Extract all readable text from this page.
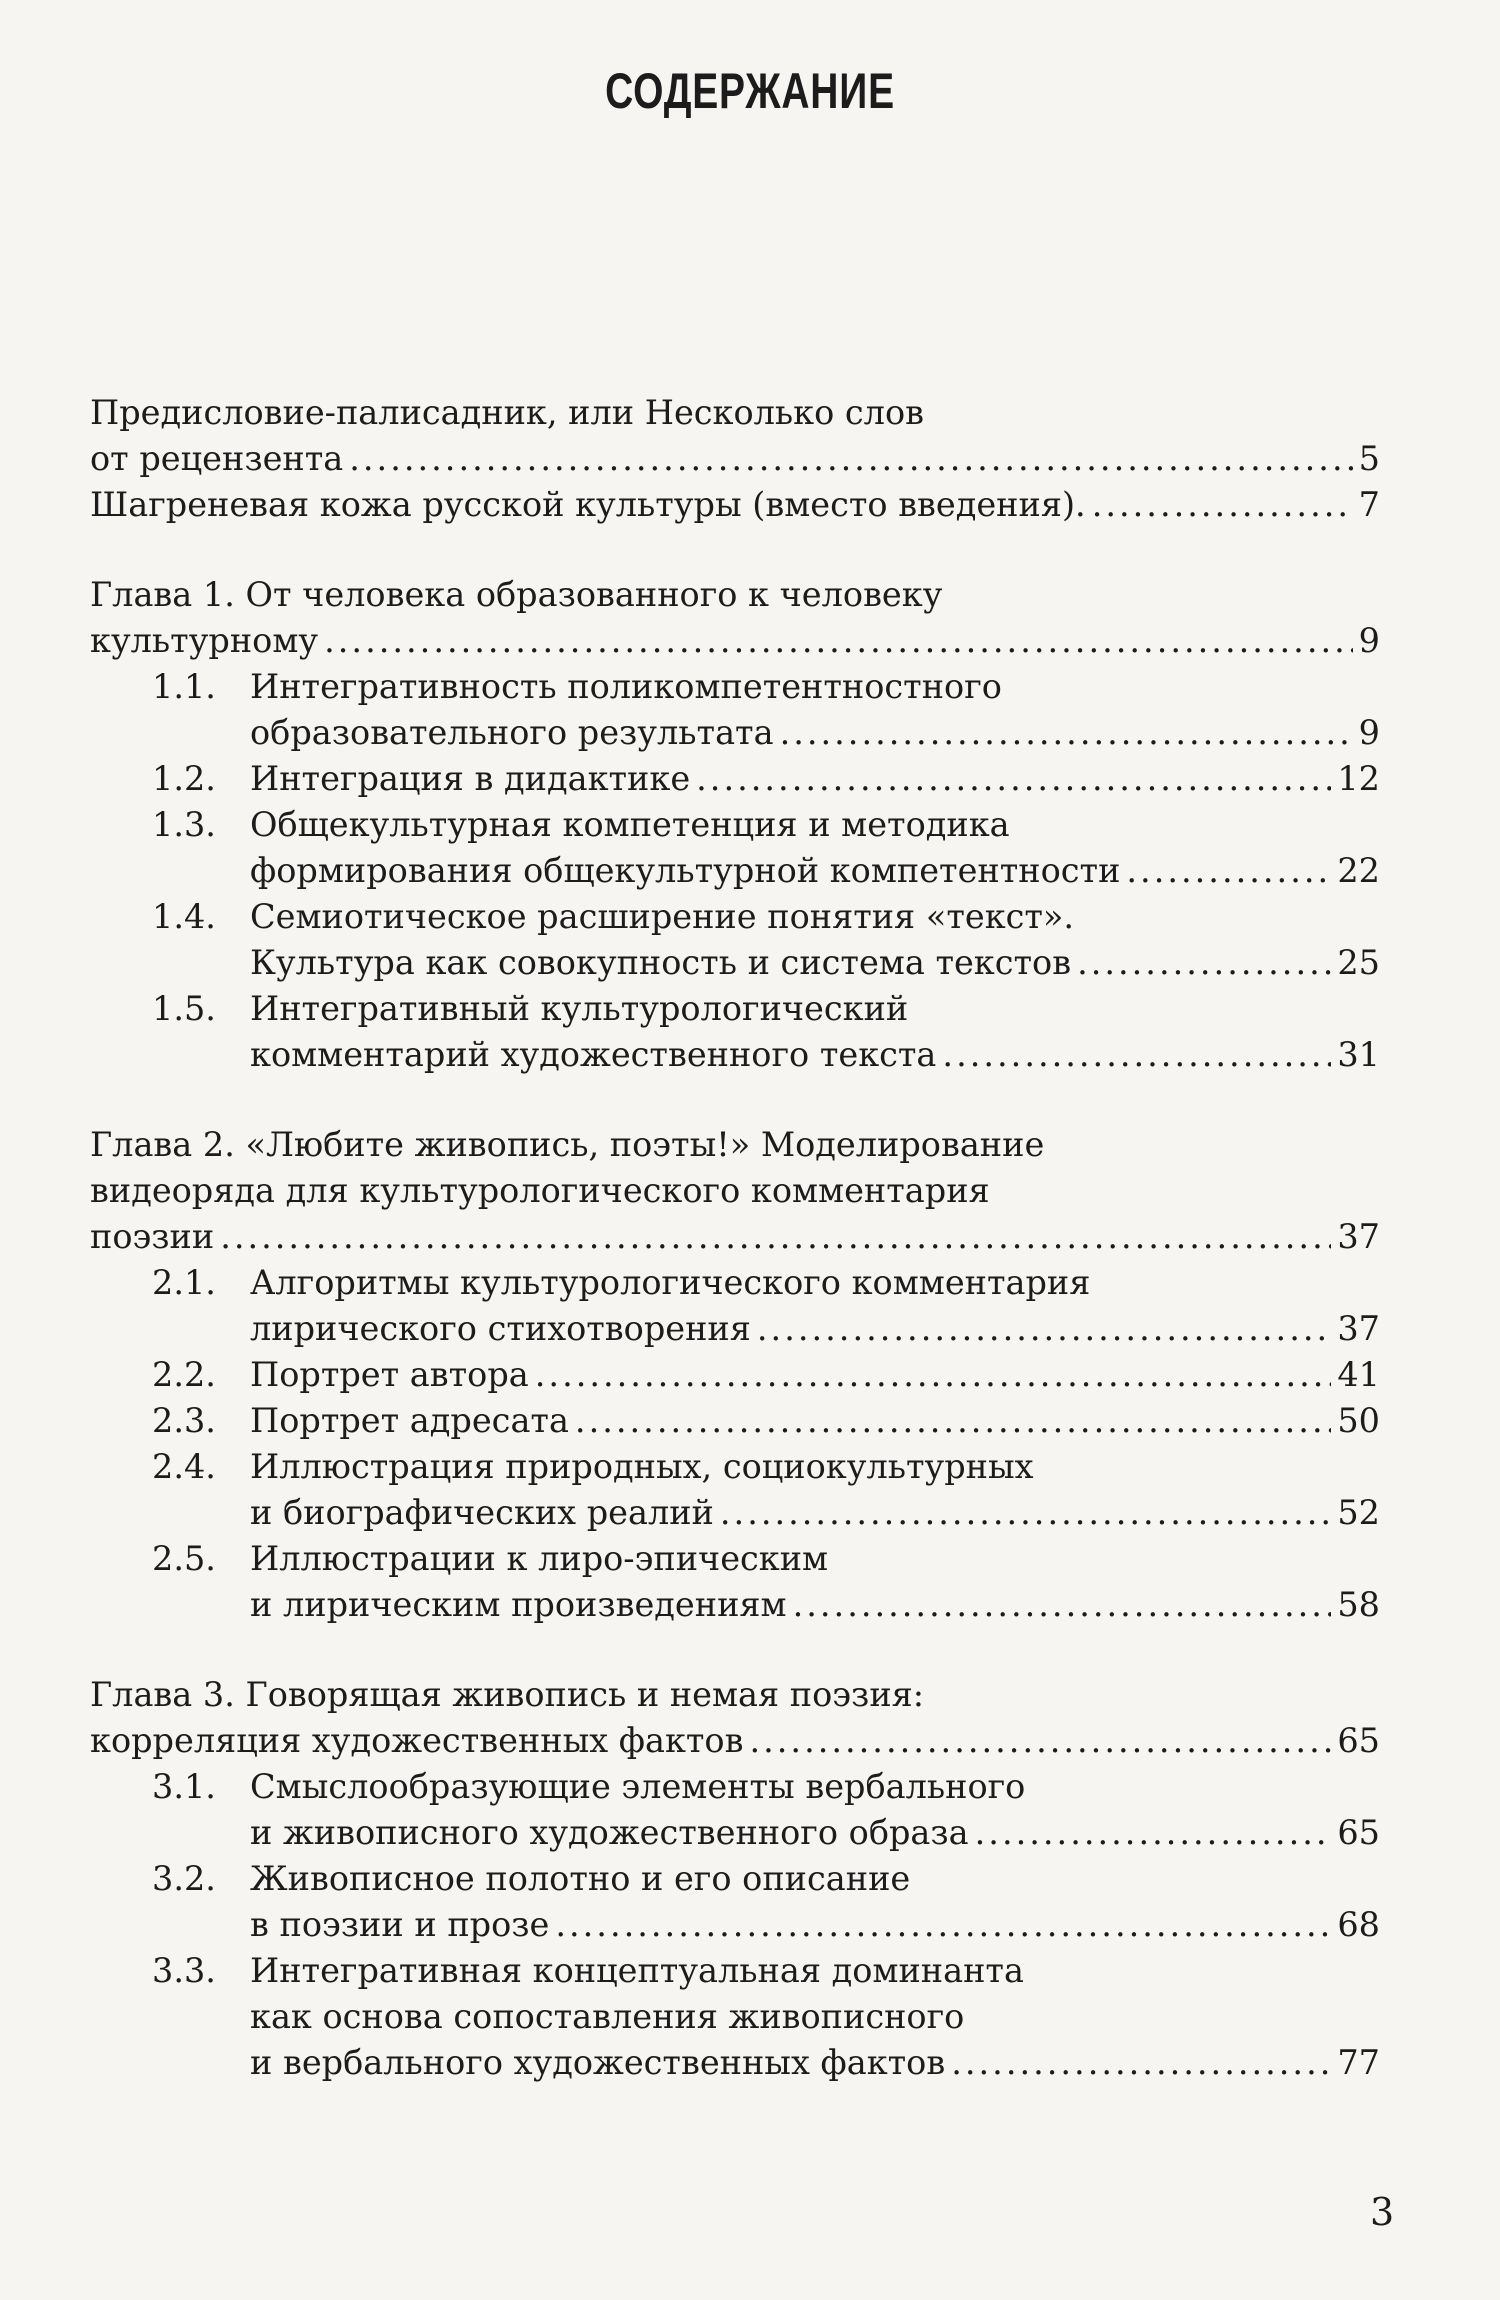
СОДЕРЖАНИЕ
Предисловие-палисадник, или Несколько слов
от рецензента .....	5
Шагреневая кожа русской культуры (вместо введения). .....	7
Глава 1. От человека образованного к человеку
культурному .....	9
1.1.	Интегративность поликомпетентностного
образовательного результата .....	9
1.2.	Интеграция в дидактике .....	12
1.3.	Общекультурная компетенция и методика
формирования общекультурной компетентности .....	22
1.4.	Семиотическое расширение понятия «текст».
Культура как совокупность и система текстов .....	25
1.5.	Интегративный культурологический
комментарий художественного текста .....	31
Глава 2. «Любите живопись, поэты!» Моделирование
видеоряда для культурологического комментария
поэзии .....	37
2.1.	Алгоритмы культурологического комментария
лирического стихотворения .....	37
2.2.	Портрет автора .....	41
2.3.	Портрет адресата .....	50
2.4.	Иллюстрация природных, социокультурных
и биографических реалий .....	52
2.5.	Иллюстрации к лиро-эпическим
и лирическим произведениям .....	58
Глава 3. Говорящая живопись и немая поэзия:
корреляция художественных фактов .....	65
3.1.	Смыслообразующие элементы вербального
и живописного художественного образа .....	65
3.2.	Живописное полотно и его описание
в поэзии и прозе .....	68
3.3.	Интегративная концептуальная доминанта
как основа сопоставления живописного
и вербального художественных фактов .....	77
3
